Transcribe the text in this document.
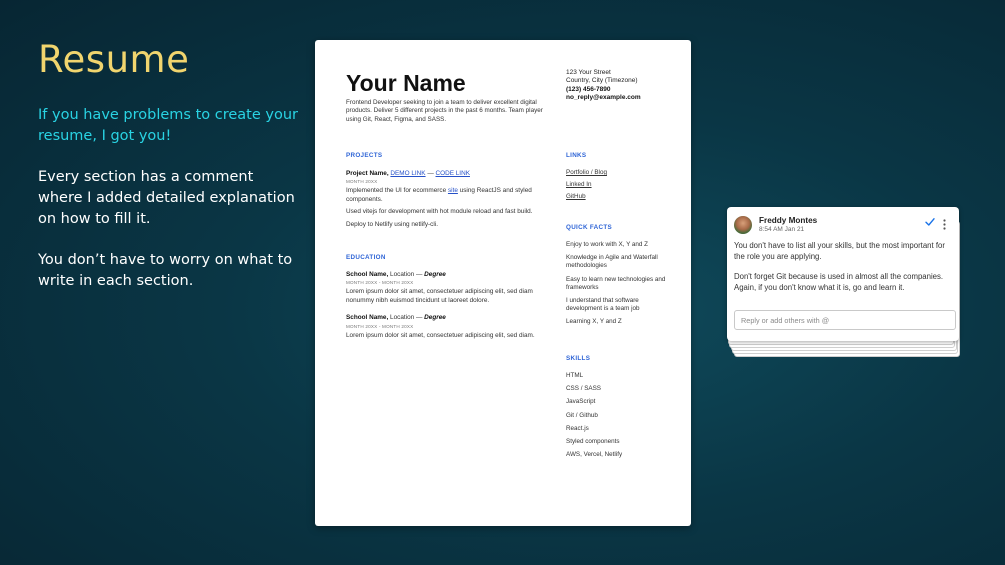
Resume
If you have problems to create your resume, I got you!
Every section has a comment where I added detailed explanation on how to fill it.
You don’t have to worry on what to write in each section.
Your Name
Frontend Developer seeking to join a team to deliver excellent digital products. Deliver 5 different projects in the past 6 months. Team player using Git, React, Figma, and SASS.
123 Your Street
Country, City (Timezone)
(123) 456-7890
no_reply@example.com
PROJECTS
Project Name, DEMO LINK — CODE LINK
MONTH 20XX
Implemented the UI for ecommerce site using ReactJS and styled components.
Used vitejs for development with hot module reload and fast build.
Deploy to Netlify using netlify-cli.
EDUCATION
School Name, Location — Degree
MONTH 20XX - MONTH 20XX
Lorem ipsum dolor sit amet, consectetuer adipiscing elit, sed diam nonummy nibh euismod tincidunt ut laoreet dolore.
School Name, Location — Degree
MONTH 20XX - MONTH 20XX
Lorem ipsum dolor sit amet, consectetuer adipiscing elit, sed diam.
LINKS
Portfolio / Blog
Linked In
GitHub
QUICK FACTS
Enjoy to work with X, Y and Z
Knowledge in Agile and Waterfall methodologies
Easy to learn new technologies and frameworks
I understand that software development is a team job
Learning X, Y and Z
SKILLS
HTML
CSS / SASS
JavaScript
Git / Github
React.js
Styled components
AWS, Vercel, Netlify
Freddy Montes
8:54 AM Jan 21
You don't have to list all your skills, but the most important for the role you are applying.
Don't forget Git because is used in almost all the companies. Again, if you don't know what it is, go and learn it.
Reply or add others with @
